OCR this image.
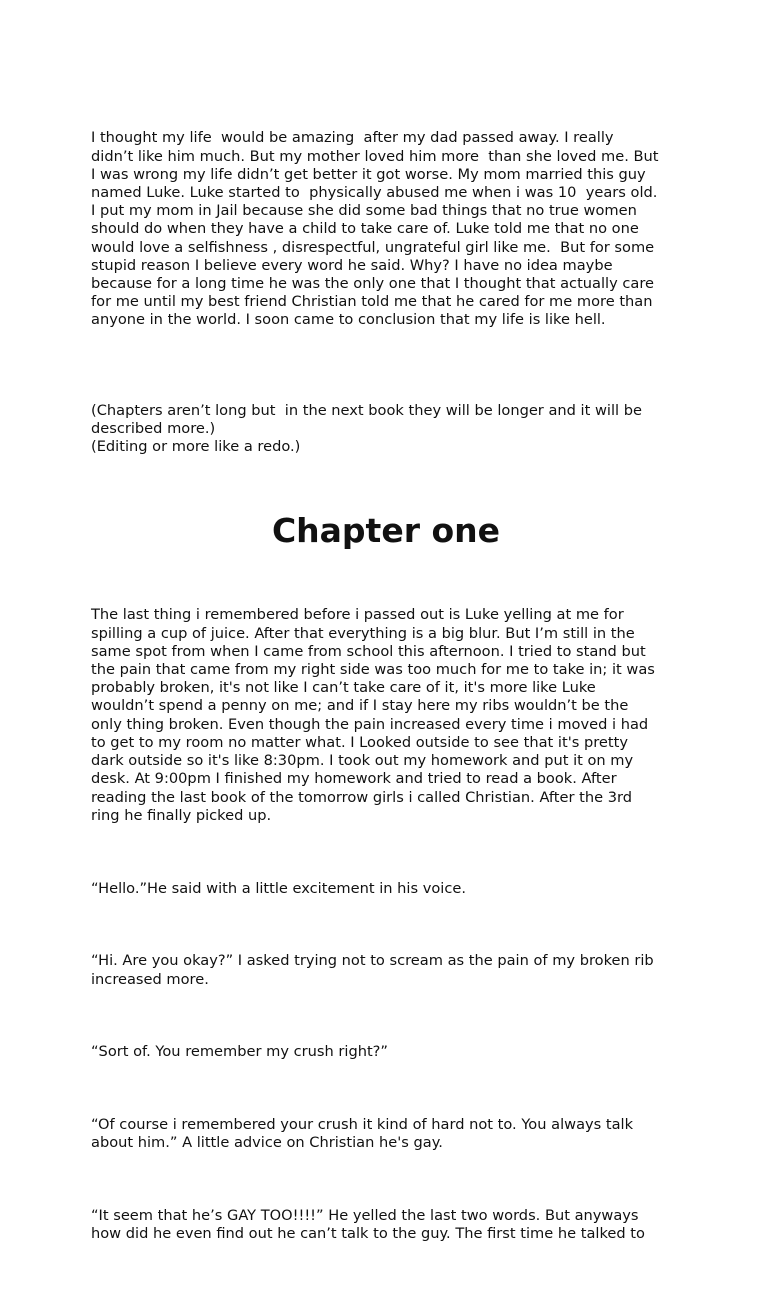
I thought my life  would be amazing  after my dad passed away. I really
didn’t like him much. But my mother loved him more  than she loved me. But
I was wrong my life didn’t get better it got worse. My mom married this guy
named Luke. Luke started to  physically abused me when i was 10  years old.
I put my mom in Jail because she did some bad things that no true women
should do when they have a child to take care of. Luke told me that no one
would love a selfishness , disrespectful, ungrateful girl like me.  But for some
stupid reason I believe every word he said. Why? I have no idea maybe
because for a long time he was the only one that I thought that actually care
for me until my best friend Christian told me that he cared for me more than
anyone in the world. I soon came to conclusion that my life is like hell.

(Chapters aren’t long but  in the next book they will be longer and it will be
described more.)
(Editing or more like a redo.)

Chapter one

The last thing i remembered before i passed out is Luke yelling at me for
spilling a cup of juice. After that everything is a big blur. But I’m still in the
same spot from when I came from school this afternoon. I tried to stand but
the pain that came from my right side was too much for me to take in; it was
probably broken, it's not like I can’t take care of it, it's more like Luke
wouldn’t spend a penny on me; and if I stay here my ribs wouldn’t be the
only thing broken. Even though the pain increased every time i moved i had
to get to my room no matter what. I Looked outside to see that it's pretty
dark outside so it's like 8:30pm. I took out my homework and put it on my
desk. At 9:00pm I finished my homework and tried to read a book. After
reading the last book of the tomorrow girls i called Christian. After the 3rd
ring he finally picked up.

“Hello.”He said with a little excitement in his voice.

“Hi. Are you okay?” I asked trying not to scream as the pain of my broken rib
increased more.

“Sort of. You remember my crush right?”

“Of course i remembered your crush it kind of hard not to. You always talk
about him.” A little advice on Christian he's gay.

“It seem that he’s GAY TOO!!!!” He yelled the last two words. But anyways
how did he even find out he can’t talk to the guy. The first time he talked to
